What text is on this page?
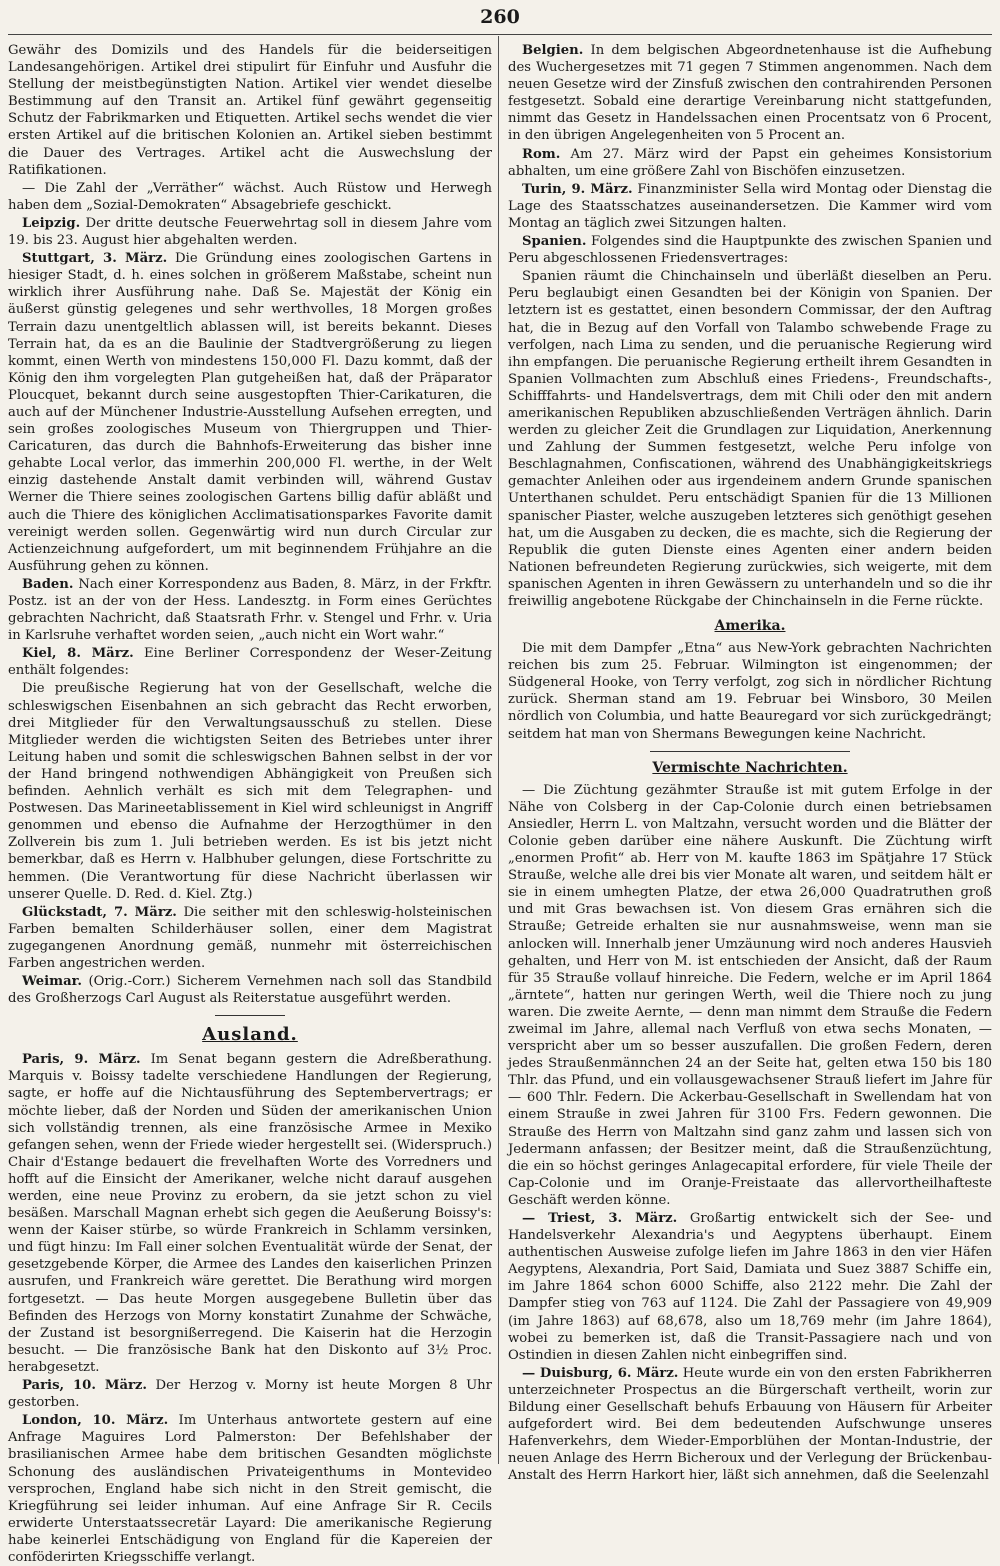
260

Gewähr des Domizils und des Handels für die beiderseitigen Landesangehörigen. Artikel drei stipulirt für Einfuhr und Ausfuhr die Stellung der meistbegünstigten Nation. Artikel vier wendet dieselbe Bestimmung auf den Transit an. Artikel fünf gewährt gegenseitig Schutz der Fabrikmarken und Etiquetten. Artikel sechs wendet die vier ersten Artikel auf die britischen Kolonien an. Artikel sieben bestimmt die Dauer des Vertrages. Artikel acht die Auswechslung der Ratifikationen.

— Die Zahl der „Verräther“ wächst. Auch Rüstow und Herwegh haben dem „Sozial-Demokraten“ Absagebriefe geschickt.

Leipzig. Der dritte deutsche Feuerwehrtag soll in diesem Jahre vom 19. bis 23. August hier abgehalten werden.

Stuttgart, 3. März. Die Gründung eines zoologischen Gartens in hiesiger Stadt, d. h. eines solchen in größerem Maßstabe, scheint nun wirklich ihrer Ausführung nahe. Daß Se. Majestät der König ein äußerst günstig gelegenes und sehr werthvolles, 18 Morgen großes Terrain dazu unentgeltlich ablassen will, ist bereits bekannt. Dieses Terrain hat, da es an die Baulinie der Stadtvergrößerung zu liegen kommt, einen Werth von mindestens 150,000 Fl. Dazu kommt, daß der König den ihm vorgelegten Plan gutgeheißen hat, daß der Präparator Ploucquet, bekannt durch seine ausgestopften Thier-Carikaturen, die auch auf der Münchener Industrie-Ausstellung Aufsehen erregten, und sein großes zoologisches Museum von Thiergruppen und Thier-Caricaturen, das durch die Bahnhofs-Erweiterung das bisher inne gehabte Local verlor, das immerhin 200,000 Fl. werthe, in der Welt einzig dastehende Anstalt damit verbinden will, während Gustav Werner die Thiere seines zoologischen Gartens billig dafür abläßt und auch die Thiere des königlichen Acclimatisationsparkes Favorite damit vereinigt werden sollen. Gegenwärtig wird nun durch Circular zur Actienzeichnung aufgefordert, um mit beginnendem Frühjahre an die Ausführung gehen zu können.

Baden. Nach einer Korrespondenz aus Baden, 8. März, in der Frkftr. Postz. ist an der von der Hess. Landesztg. in Form eines Gerüchtes gebrachten Nachricht, daß Staatsrath Frhr. v. Stengel und Frhr. v. Uria in Karlsruhe verhaftet worden seien, „auch nicht ein Wort wahr.“

Kiel, 8. März. Eine Berliner Correspondenz der Weser-Zeitung enthält folgendes:

Die preußische Regierung hat von der Gesellschaft, welche die schleswigschen Eisenbahnen an sich gebracht das Recht erworben, drei Mitglieder für den Verwaltungsausschuß zu stellen. Diese Mitglieder werden die wichtigsten Seiten des Betriebes unter ihrer Leitung haben und somit die schleswigschen Bahnen selbst in der vor der Hand bringend nothwendigen Abhängigkeit von Preußen sich befinden. Aehnlich verhält es sich mit dem Telegraphen- und Postwesen. Das Marineetablissement in Kiel wird schleunigst in Angriff genommen und ebenso die Aufnahme der Herzogthümer in den Zollverein bis zum 1. Juli betrieben werden. Es ist bis jetzt nicht bemerkbar, daß es Herrn v. Halbhuber gelungen, diese Fortschritte zu hemmen. (Die Verantwortung für diese Nachricht überlassen wir unserer Quelle. D. Red. d. Kiel. Ztg.)

Glückstadt, 7. März. Die seither mit den schleswig-holsteinischen Farben bemalten Schilderhäuser sollen, einer dem Magistrat zugegangenen Anordnung gemäß, nunmehr mit österreichischen Farben angestrichen werden.

Weimar. (Orig.-Corr.) Sicherem Vernehmen nach soll das Standbild des Großherzogs Carl August als Reiterstatue ausgeführt werden.

Ausland.

Paris, 9. März. Im Senat begann gestern die Adreßberathung. Marquis v. Boissy tadelte verschiedene Handlungen der Regierung, sagte, er hoffe auf die Nichtausführung des Septembervertrags; er möchte lieber, daß der Norden und Süden der amerikanischen Union sich vollständig trennen, als eine französische Armee in Mexiko gefangen sehen, wenn der Friede wieder hergestellt sei. (Widerspruch.) Chair d'Estange bedauert die frevelhaften Worte des Vorredners und hofft auf die Einsicht der Amerikaner, welche nicht darauf ausgehen werden, eine neue Provinz zu erobern, da sie jetzt schon zu viel besäßen. Marschall Magnan erhebt sich gegen die Aeußerung Boissy's: wenn der Kaiser stürbe, so würde Frankreich in Schlamm versinken, und fügt hinzu: Im Fall einer solchen Eventualität würde der Senat, der gesetzgebende Körper, die Armee des Landes den kaiserlichen Prinzen ausrufen, und Frankreich wäre gerettet. Die Berathung wird morgen fortgesetzt. — Das heute Morgen ausgegebene Bulletin über das Befinden des Herzogs von Morny konstatirt Zunahme der Schwäche, der Zustand ist besorgnißerregend. Die Kaiserin hat die Herzogin besucht. — Die französische Bank hat den Diskonto auf 3½ Proc. herabgesetzt.

Paris, 10. März. Der Herzog v. Morny ist heute Morgen 8 Uhr gestorben.

London, 10. März. Im Unterhaus antwortete gestern auf eine Anfrage Maguires Lord Palmerston: Der Befehlshaber der brasilianischen Armee habe dem britischen Gesandten möglichste Schonung des ausländischen Privateigenthums in Montevideo versprochen, England habe sich nicht in den Streit gemischt, die Kriegführung sei leider inhuman. Auf eine Anfrage Sir R. Cecils erwiderte Unterstaatssecretär Layard: Die amerikanische Regierung habe keinerlei Entschädigung von England für die Kapereien der conföderirten Kriegsschiffe verlangt.

Belgien. In dem belgischen Abgeordnetenhause ist die Aufhebung des Wuchergesetzes mit 71 gegen 7 Stimmen angenommen. Nach dem neuen Gesetze wird der Zinsfuß zwischen den contrahirenden Personen festgesetzt. Sobald eine derartige Vereinbarung nicht stattgefunden, nimmt das Gesetz in Handelssachen einen Procentsatz von 6 Procent, in den übrigen Angelegenheiten von 5 Procent an.

Rom. Am 27. März wird der Papst ein geheimes Konsistorium abhalten, um eine größere Zahl von Bischöfen einzusetzen.

Turin, 9. März. Finanzminister Sella wird Montag oder Dienstag die Lage des Staatsschatzes auseinandersetzen. Die Kammer wird vom Montag an täglich zwei Sitzungen halten.

Spanien. Folgendes sind die Hauptpunkte des zwischen Spanien und Peru abgeschlossenen Friedensvertrages:

Spanien räumt die Chinchainseln und überläßt dieselben an Peru. Peru beglaubigt einen Gesandten bei der Königin von Spanien. Der letztern ist es gestattet, einen besondern Commissar, der den Auftrag hat, die in Bezug auf den Vorfall von Talambo schwebende Frage zu verfolgen, nach Lima zu senden, und die peruanische Regierung wird ihn empfangen. Die peruanische Regierung ertheilt ihrem Gesandten in Spanien Vollmachten zum Abschluß eines Friedens-, Freundschafts-, Schifffahrts- und Handelsvertrags, dem mit Chili oder den mit andern amerikanischen Republiken abzuschließenden Verträgen ähnlich. Darin werden zu gleicher Zeit die Grundlagen zur Liquidation, Anerkennung und Zahlung der Summen festgesetzt, welche Peru infolge von Beschlagnahmen, Confiscationen, während des Unabhängigkeitskriegs gemachter Anleihen oder aus irgendeinem andern Grunde spanischen Unterthanen schuldet. Peru entschädigt Spanien für die 13 Millionen spanischer Piaster, welche auszugeben letzteres sich genöthigt gesehen hat, um die Ausgaben zu decken, die es machte, sich die Regierung der Republik die guten Dienste eines Agenten einer andern beiden Nationen befreundeten Regierung zurückwies, sich weigerte, mit dem spanischen Agenten in ihren Gewässern zu unterhandeln und so die ihr freiwillig angebotene Rückgabe der Chinchainseln in die Ferne rückte.

Amerika.

Die mit dem Dampfer „Etna“ aus New-York gebrachten Nachrichten reichen bis zum 25. Februar. Wilmington ist eingenommen; der Südgeneral Hooke, von Terry verfolgt, zog sich in nördlicher Richtung zurück. Sherman stand am 19. Februar bei Winsboro, 30 Meilen nördlich von Columbia, und hatte Beauregard vor sich zurückgedrängt; seitdem hat man von Shermans Bewegungen keine Nachricht.

Vermischte Nachrichten.

— Die Züchtung gezähmter Strauße ist mit gutem Erfolge in der Nähe von Colsberg in der Cap-Colonie durch einen betriebsamen Ansiedler, Herrn L. von Maltzahn, versucht worden und die Blätter der Colonie geben darüber eine nähere Auskunft. Die Züchtung wirft „enormen Profit“ ab. Herr von M. kaufte 1863 im Spätjahre 17 Stück Strauße, welche alle drei bis vier Monate alt waren, und seitdem hält er sie in einem umhegten Platze, der etwa 26,000 Quadratruthen groß und mit Gras bewachsen ist. Von diesem Gras ernähren sich die Strauße; Getreide erhalten sie nur ausnahmsweise, wenn man sie anlocken will. Innerhalb jener Umzäunung wird noch anderes Hausvieh gehalten, und Herr von M. ist entschieden der Ansicht, daß der Raum für 35 Strauße vollauf hinreiche. Die Federn, welche er im April 1864 „ärntete“, hatten nur geringen Werth, weil die Thiere noch zu jung waren. Die zweite Aernte, — denn man nimmt dem Strauße die Federn zweimal im Jahre, allemal nach Verfluß von etwa sechs Monaten, — verspricht aber um so besser auszufallen. Die großen Federn, deren jedes Straußenmännchen 24 an der Seite hat, gelten etwa 150 bis 180 Thlr. das Pfund, und ein vollausgewachsener Strauß liefert im Jahre für — 600 Thlr. Federn. Die Ackerbau-Gesellschaft in Swellendam hat von einem Strauße in zwei Jahren für 3100 Frs. Federn gewonnen. Die Strauße des Herrn von Maltzahn sind ganz zahm und lassen sich von Jedermann anfassen; der Besitzer meint, daß die Straußenzüchtung, die ein so höchst geringes Anlagecapital erfordere, für viele Theile der Cap-Colonie und im Oranje-Freistaate das allervortheilhafteste Geschäft werden könne.

— Triest, 3. März. Großartig entwickelt sich der See- und Handelsverkehr Alexandria's und Aegyptens überhaupt. Einem authentischen Ausweise zufolge liefen im Jahre 1863 in den vier Häfen Aegyptens, Alexandria, Port Said, Damiata und Suez 3887 Schiffe ein, im Jahre 1864 schon 6000 Schiffe, also 2122 mehr. Die Zahl der Dampfer stieg von 763 auf 1124. Die Zahl der Passagiere von 49,909 (im Jahre 1863) auf 68,678, also um 18,769 mehr (im Jahre 1864), wobei zu bemerken ist, daß die Transit-Passagiere nach und von Ostindien in diesen Zahlen nicht einbegriffen sind.

— Duisburg, 6. März. Heute wurde ein von den ersten Fabrikherren unterzeichneter Prospectus an die Bürgerschaft vertheilt, worin zur Bildung einer Gesellschaft behufs Erbauung von Häusern für Arbeiter aufgefordert wird. Bei dem bedeutenden Aufschwunge unseres Hafenverkehrs, dem Wieder-Emporblühen der Montan-Industrie, der neuen Anlage des Herrn Bicheroux und der Verlegung der Brückenbau-Anstalt des Herrn Harkort hier, läßt sich annehmen, daß die Seelenzahl
